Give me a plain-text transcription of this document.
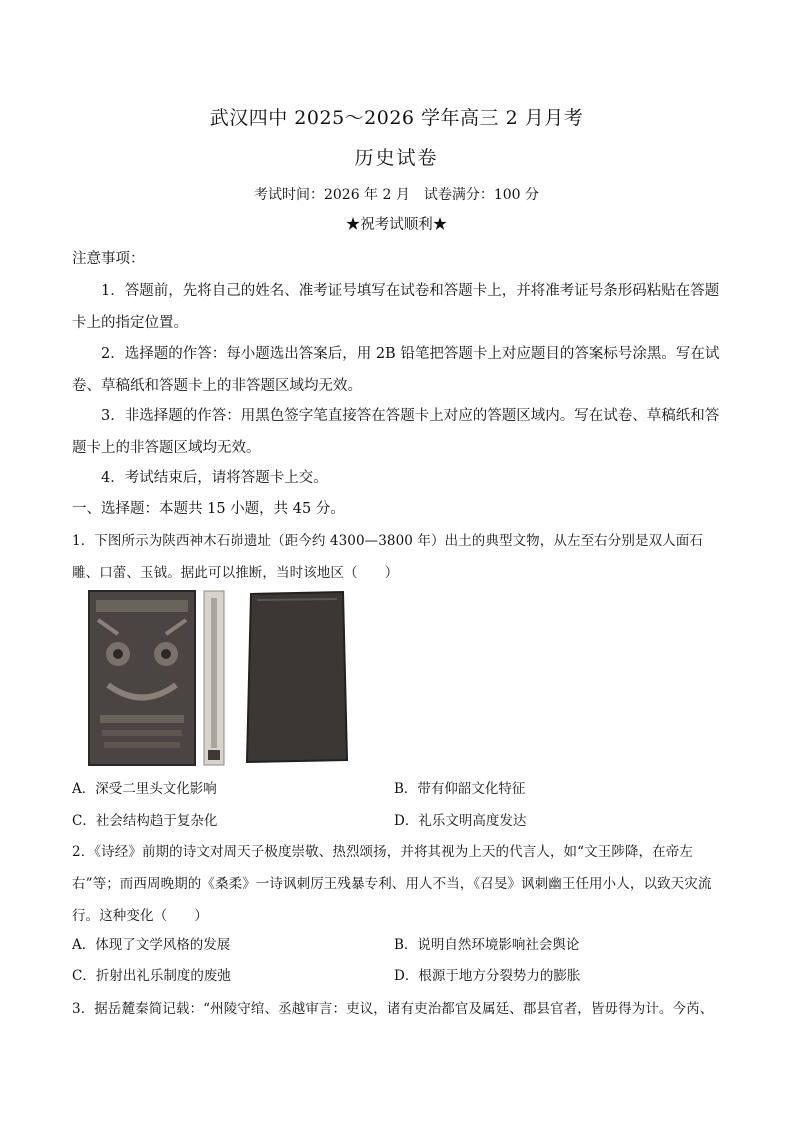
武汉四中 2025～2026 学年高三 2 月月考
历史试卷
考试时间：2026 年 2 月 试卷满分：100 分
★祝考试顺利★
注意事项：
1．答题前，先将自己的姓名、准考证号填写在试卷和答题卡上，并将准考证号条形码粘贴在答题卡上的指定位置。
2．选择题的作答：每小题选出答案后，用 2B 铅笔把答题卡上对应题目的答案标号涂黑。写在试卷、草稿纸和答题卡上的非答题区域均无效。
3．非选择题的作答：用黑色签字笔直接答在答题卡上对应的答题区域内。写在试卷、草稿纸和答题卡上的非答题区域均无效。
4．考试结束后，请将答题卡上交。
一、选择题：本题共 15 小题，共 45 分。
1．下图所示为陕西神木石峁遗址（距今约 4300—3800 年）出土的典型文物，从左至右分别是双人面石雕、口蕾、玉钺。据此可以推断，当时该地区（　　）
A．深受二里头文化影响	B．带有仰韶文化特征
C．社会结构趋于复杂化	D．礼乐文明高度发达
2．《诗经》前期的诗文对周天子极度崇敬、热烈颂扬，并将其视为上天的代言人，如“文王陟降，在帝左右”等；而西周晚期的《桑柔》一诗讽刺厉王残暴专利、用人不当，《召旻》讽刺幽王任用小人，以致天灾流行。这种变化（　　）
A．体现了文学风格的发展	B．说明自然环境影响社会舆论
C．折射出礼乐制度的废弛	D．根源于地方分裂势力的膨胀
3．据岳麓秦简记载：“州陵守绾、丞越审言：吏议，诸有吏治都官及属廷、郡县官者，皆毋得为计。今芮、
